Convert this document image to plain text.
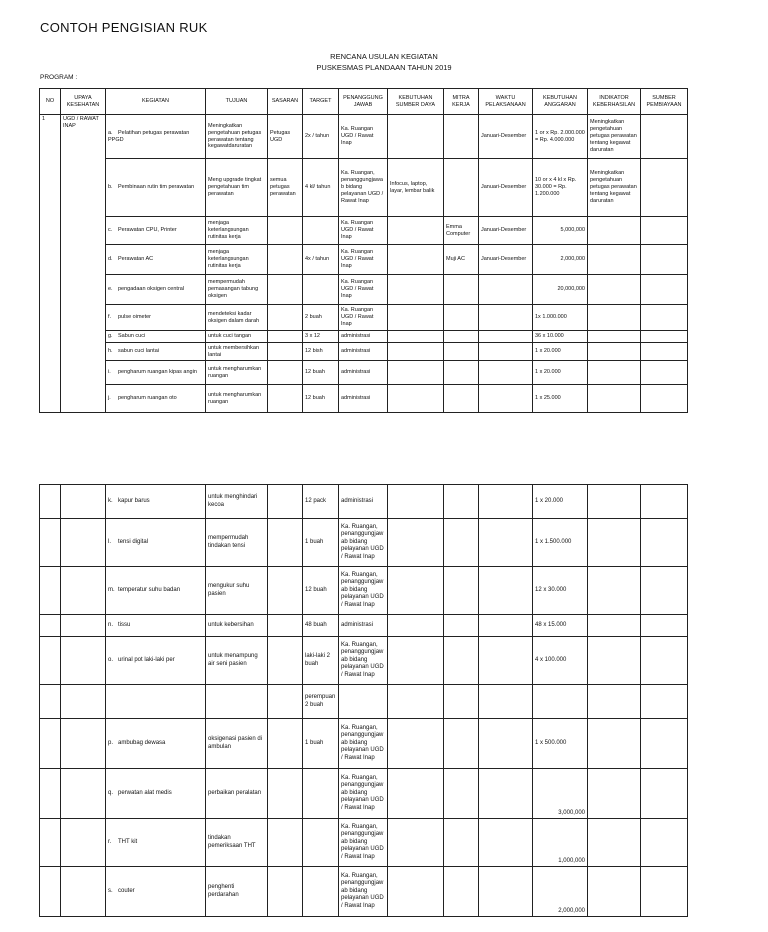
CONTOH PENGISIAN RUK
RENCANA USULAN KEGIATAN
PUSKESMAS PLANDAAN TAHUN 2019
PROGRAM :
NO	UPAYA KESEHATAN	KEGIATAN	TUJUAN	SASARAN	TARGET	PENANGGUNG JAWAB	KEBUTUHAN SUMBER DAYA	MITRA KERJA	WAKTU PELAKSANAAN	KEBUTUHAN ANGGARAN	INDIKATOR KEBERHASILAN	SUMBER PEMBIAYAAN
1	UGD / RAWAT INAP	a. Pelatihan petugas perawatan PPGD	Meningkatkan pengetahuan petugas perawatan tentang kegawatdaruratan	Petugas UGD	2x / tahun	Ka. Ruangan UGD / Rawat Inap			Januari-Desember	1 or x Rp. 2.000.000 = Rp. 4.000.000	Meningkatkan pengetahuan petugas perawatan tentang kegawat daruratan	
		b. Pembinaan rutin tim perawatan	Meng upgrade tingkat pengetahuan tim perawatan	semua petugas perawatan	4 kl/ tahun	Ka. Ruangan, penanggungjawab bidang pelayanan UGD / Rawat Inap	Infocus, laptop, layar, lembar balik		Januari-Desember	10 or x 4 kl x Rp. 30.000 = Rp. 1.200.000	Meningkatkan pengetahuan petugas perawatan tentang kegawat daruratan	
		c. Perawatan CPU, Printer	menjaga keterlangsungan rutinitas kerja			Ka. Ruangan UGD / Rawat Inap		Emma Computer	Januari-Desember	5,000,000		
		d. Perawatan AC	menjaga keterlangsungan rutinitas kerja		4x / tahun	Ka. Ruangan UGD / Rawat Inap		Muji AC	Januari-Desember	2,000,000		
		e. pengadaan oksigen central	mempermudah pemasangan tabung oksigen			Ka. Ruangan UGD / Rawat Inap				20,000,000		
		f. pulse oimeter	mendeteksi kadar oksigen dalam darah		2 buah	Ka. Ruangan UGD / Rawat Inap				1x 1.000.000		
		g. Sabun cuci	untuk cuci tangan		3 x 12	administrasi				36 x 10.000		
		h. sabun cuci lantai	untuk membersihkan lantai		12 bish	administrasi				1 x 20.000		
		i. pengharum ruangan kipas angin	untuk mengharumkan ruangan		12 buah	administrasi				1 x 20.000		
		j. pengharum ruangan oto	untuk mengharumkan ruangan		12 buah	administrasi				1 x 25.000		
		k. kapur barus	untuk menghindari kecoa		12 pack	administrasi				1 x 20.000		
		l. tensi digital	mempermudah tindakan tensi		1 buah	Ka. Ruangan, penanggungjawab bidang pelayanan UGD / Rawat Inap				1 x 1.500.000		
		m. temperatur suhu badan	mengukur suhu pasien		12 buah	Ka. Ruangan, penanggungjawab bidang pelayanan UGD / Rawat Inap				12 x 30.000		
		n. tissu	untuk kebersihan		48 buah	administrasi				48 x 15.000		
		o. urinal pot laki-laki per	untuk menampung air seni pasien		laki-laki 2 buah	Ka. Ruangan, penanggungjawab bidang pelayanan UGD / Rawat Inap				4 x 100.000		
					perempuan 2 buah							
		p. ambubag dewasa	oksigenasi pasien di ambulan		1 buah	Ka. Ruangan, penanggungjawab bidang pelayanan UGD / Rawat Inap				1 x 500.000		
		q. perwatan alat medis	perbaikan peralatan			Ka. Ruangan, penanggungjawab bidang pelayanan UGD / Rawat Inap				3,000,000		
		r. THT kit	tindakan pemeriksaan THT			Ka. Ruangan, penanggungjawab bidang pelayanan UGD / Rawat Inap				1,000,000		
		s. couter	penghenti perdarahan			Ka. Ruangan, penanggungjawab bidang pelayanan UGD / Rawat Inap				2,000,000		
